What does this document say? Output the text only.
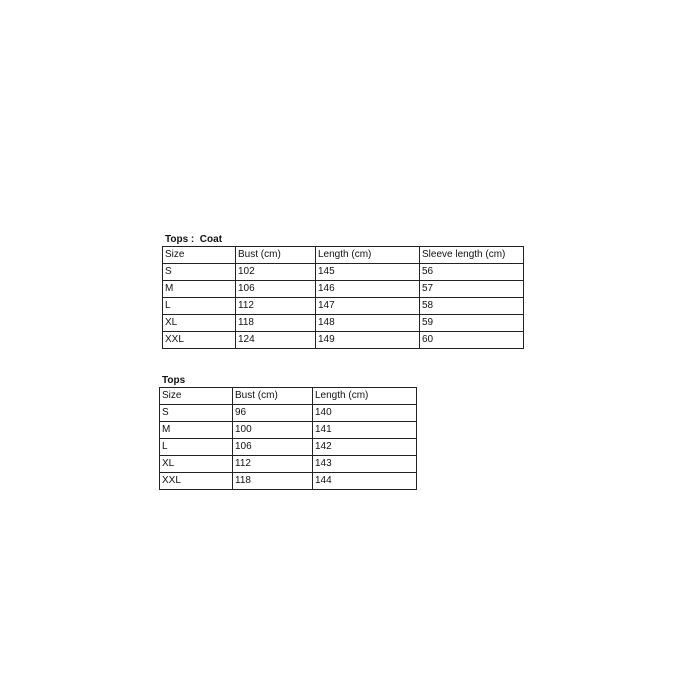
Tops :  Coat
Size	Bust (cm)	Length (cm)	Sleeve length (cm)
S	102	145	56
M	106	146	57
L	112	147	58
XL	118	148	59
XXL	124	149	60
Tops
Size	Bust (cm)	Length (cm)
S	96	140
M	100	141
L	106	142
XL	112	143
XXL	118	144
